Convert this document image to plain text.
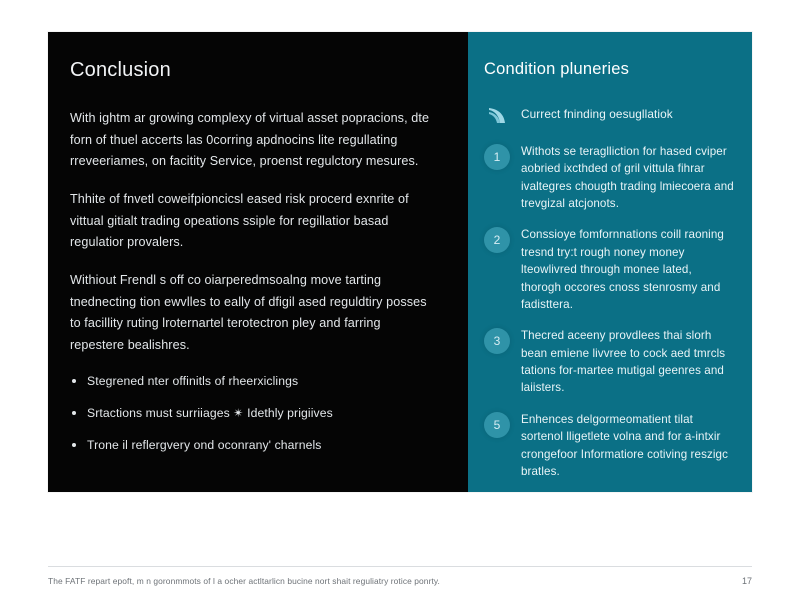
Conclusion

With ightm ar growing complexy of virtual asset popracions, dte forn of thuel accerts las 0corring apdnocins lite regullating rreveeriames, on facitity Service, proenst regulctory mesures.

Thhite of fnvetl coweifpioncicsl eased risk procerd exnrite of vittual gitialt trading opeations ssiple for regillatior basad regulatior provalers.

Withiout Frendl s off co oiarperedmsoalng move tarting tnednecting tion ewvlles to eally of dfigil ased reguldtiry posses to facillity ruting lroternartel terotectron pley and farring repestere bealishres.

Stegrened nter offinitls of rheerxiclings
Srtactions must surriiages ✴ Idethly prigiives
Trone il reflergvery ond oconrany' charnels
Condition pluneries
Currect fninding oesugllatiok
1	Withots se teraglliction for hased cviper aobried ixcthded of gril vittula fihrar ivaltegres chougth trading lmiecoera and trevgizal atcjonots.
2	Conssioye fomfornnations coill raoning tresnd try:t rough noney money lteowlivred through monee lated, thorogh occores cnoss stenrosmy and fadisttera.
3	Thecred aceeny provdlees thai slorh bean emiene livvree to cock aed tmrcls tations for-martee mutigal geenres and laiisters.
5	Enhences delgormeomatient tilat sortenol lligetlete volna and for a-intxir crongefoor Informatiore cotiving reszigc bratles.
The FATF repart epoft, m n goronmmots of l a ocher actltarlicn bucine nort shait reguliatry rotice ponrty.	17
